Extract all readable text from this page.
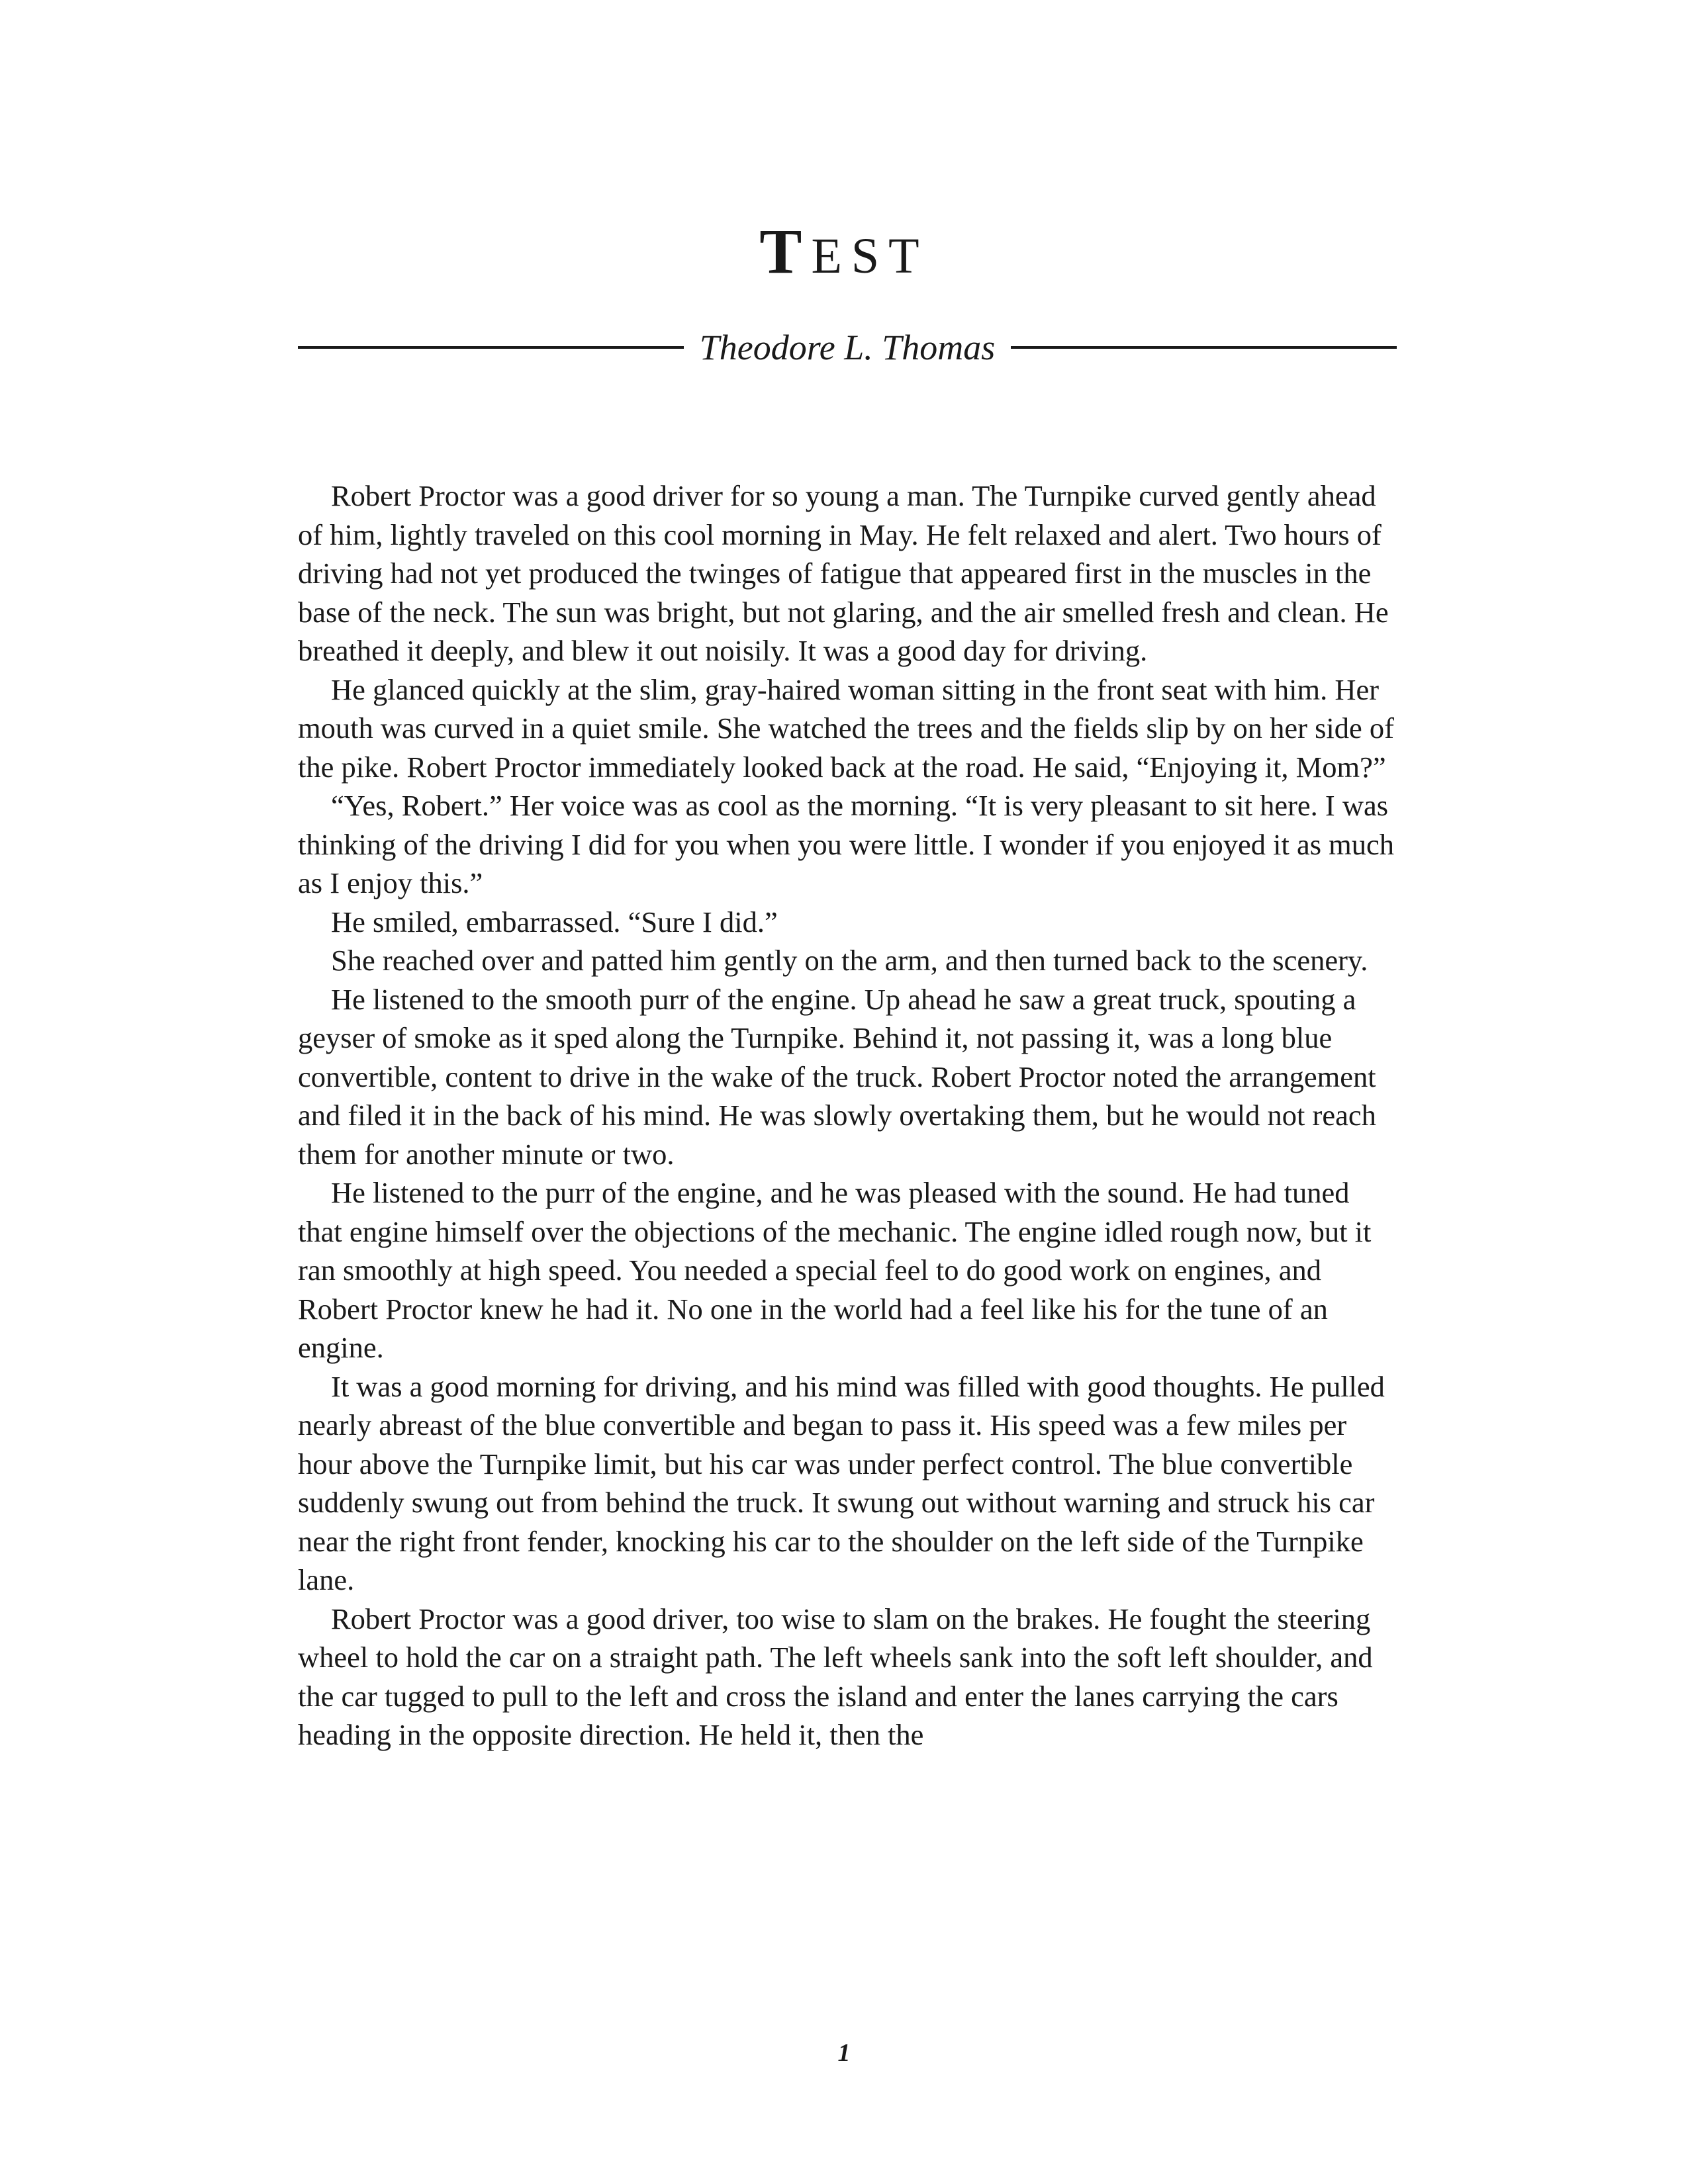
TEST
Theodore L. Thomas

Robert Proctor was a good driver for so young a man. The Turnpike curved gently ahead of him, lightly traveled on this cool morning in May. He felt relaxed and alert. Two hours of driving had not yet produced the twinges of fatigue that appeared first in the muscles in the base of the neck. The sun was bright, but not glaring, and the air smelled fresh and clean. He breathed it deeply, and blew it out noisily. It was a good day for driving.

He glanced quickly at the slim, gray-haired woman sitting in the front seat with him. Her mouth was curved in a quiet smile. She watched the trees and the fields slip by on her side of the pike. Robert Proctor immediately looked back at the road. He said, “Enjoying it, Mom?”

“Yes, Robert.” Her voice was as cool as the morning. “It is very pleasant to sit here. I was thinking of the driving I did for you when you were little. I wonder if you enjoyed it as much as I enjoy this.”

He smiled, embarrassed. “Sure I did.”

She reached over and patted him gently on the arm, and then turned back to the scenery.

He listened to the smooth purr of the engine. Up ahead he saw a great truck, spouting a geyser of smoke as it sped along the Turnpike. Behind it, not passing it, was a long blue convertible, content to drive in the wake of the truck. Robert Proctor noted the arrangement and filed it in the back of his mind. He was slowly overtaking them, but he would not reach them for another minute or two.

He listened to the purr of the engine, and he was pleased with the sound. He had tuned that engine himself over the objections of the mechanic. The engine idled rough now, but it ran smoothly at high speed. You needed a special feel to do good work on engines, and Robert Proctor knew he had it. No one in the world had a feel like his for the tune of an engine.

It was a good morning for driving, and his mind was filled with good thoughts. He pulled nearly abreast of the blue convertible and began to pass it. His speed was a few miles per hour above the Turnpike limit, but his car was under perfect control. The blue convertible suddenly swung out from behind the truck. It swung out without warning and struck his car near the right front fender, knocking his car to the shoulder on the left side of the Turnpike lane.

Robert Proctor was a good driver, too wise to slam on the brakes. He fought the steering wheel to hold the car on a straight path. The left wheels sank into the soft left shoulder, and the car tugged to pull to the left and cross the island and enter the lanes carrying the cars heading in the opposite direction. He held it, then the

1
